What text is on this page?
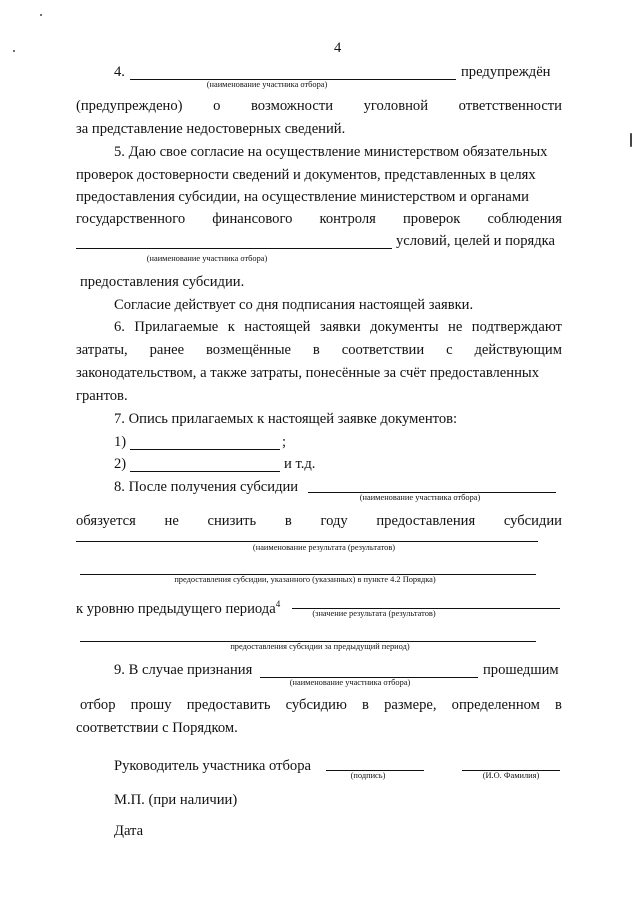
4
4.
(наименование участника отбора)
предупреждён
(предупреждено) о возможности уголовной ответственности
за представление недостоверных сведений.
5. Даю свое согласие на осуществление министерством обязательных
проверок достоверности сведений и документов, представленных в целях
предоставления субсидии, на осуществление министерством и органами
государственного финансового контроля проверок соблюдения
условий, целей и порядка
(наименование участника отбора)
предоставления субсидии.
Согласие действует со дня подписания настоящей заявки.
6. Прилагаемые к настоящей заявки документы не подтверждают
затраты, ранее возмещённые в соответствии с действующим
законодательством, а также затраты, понесённые за счёт предоставленных
грантов.
7. Опись прилагаемых к настоящей заявке документов:
1)	;
2)	и т.д.
8. После получения субсидии
(наименование участника отбора)
обязуется не снизить в году предоставления субсидии
(наименование результата (результатов)
предоставления субсидии, указанного (указанных) в пункте 4.2 Порядка)
к уровню предыдущего периода$^4$
(значение результата (результатов)
предоставления субсидии за предыдущий период)
9. В случае признания
(наименование участника отбора)
прошедшим
отбор прошу предоставить субсидию в размере, определенном в
соответствии с Порядком.
Руководитель участника отбора
(подпись)	(И.О. Фамилия)
М.П. (при наличии)
Дата
